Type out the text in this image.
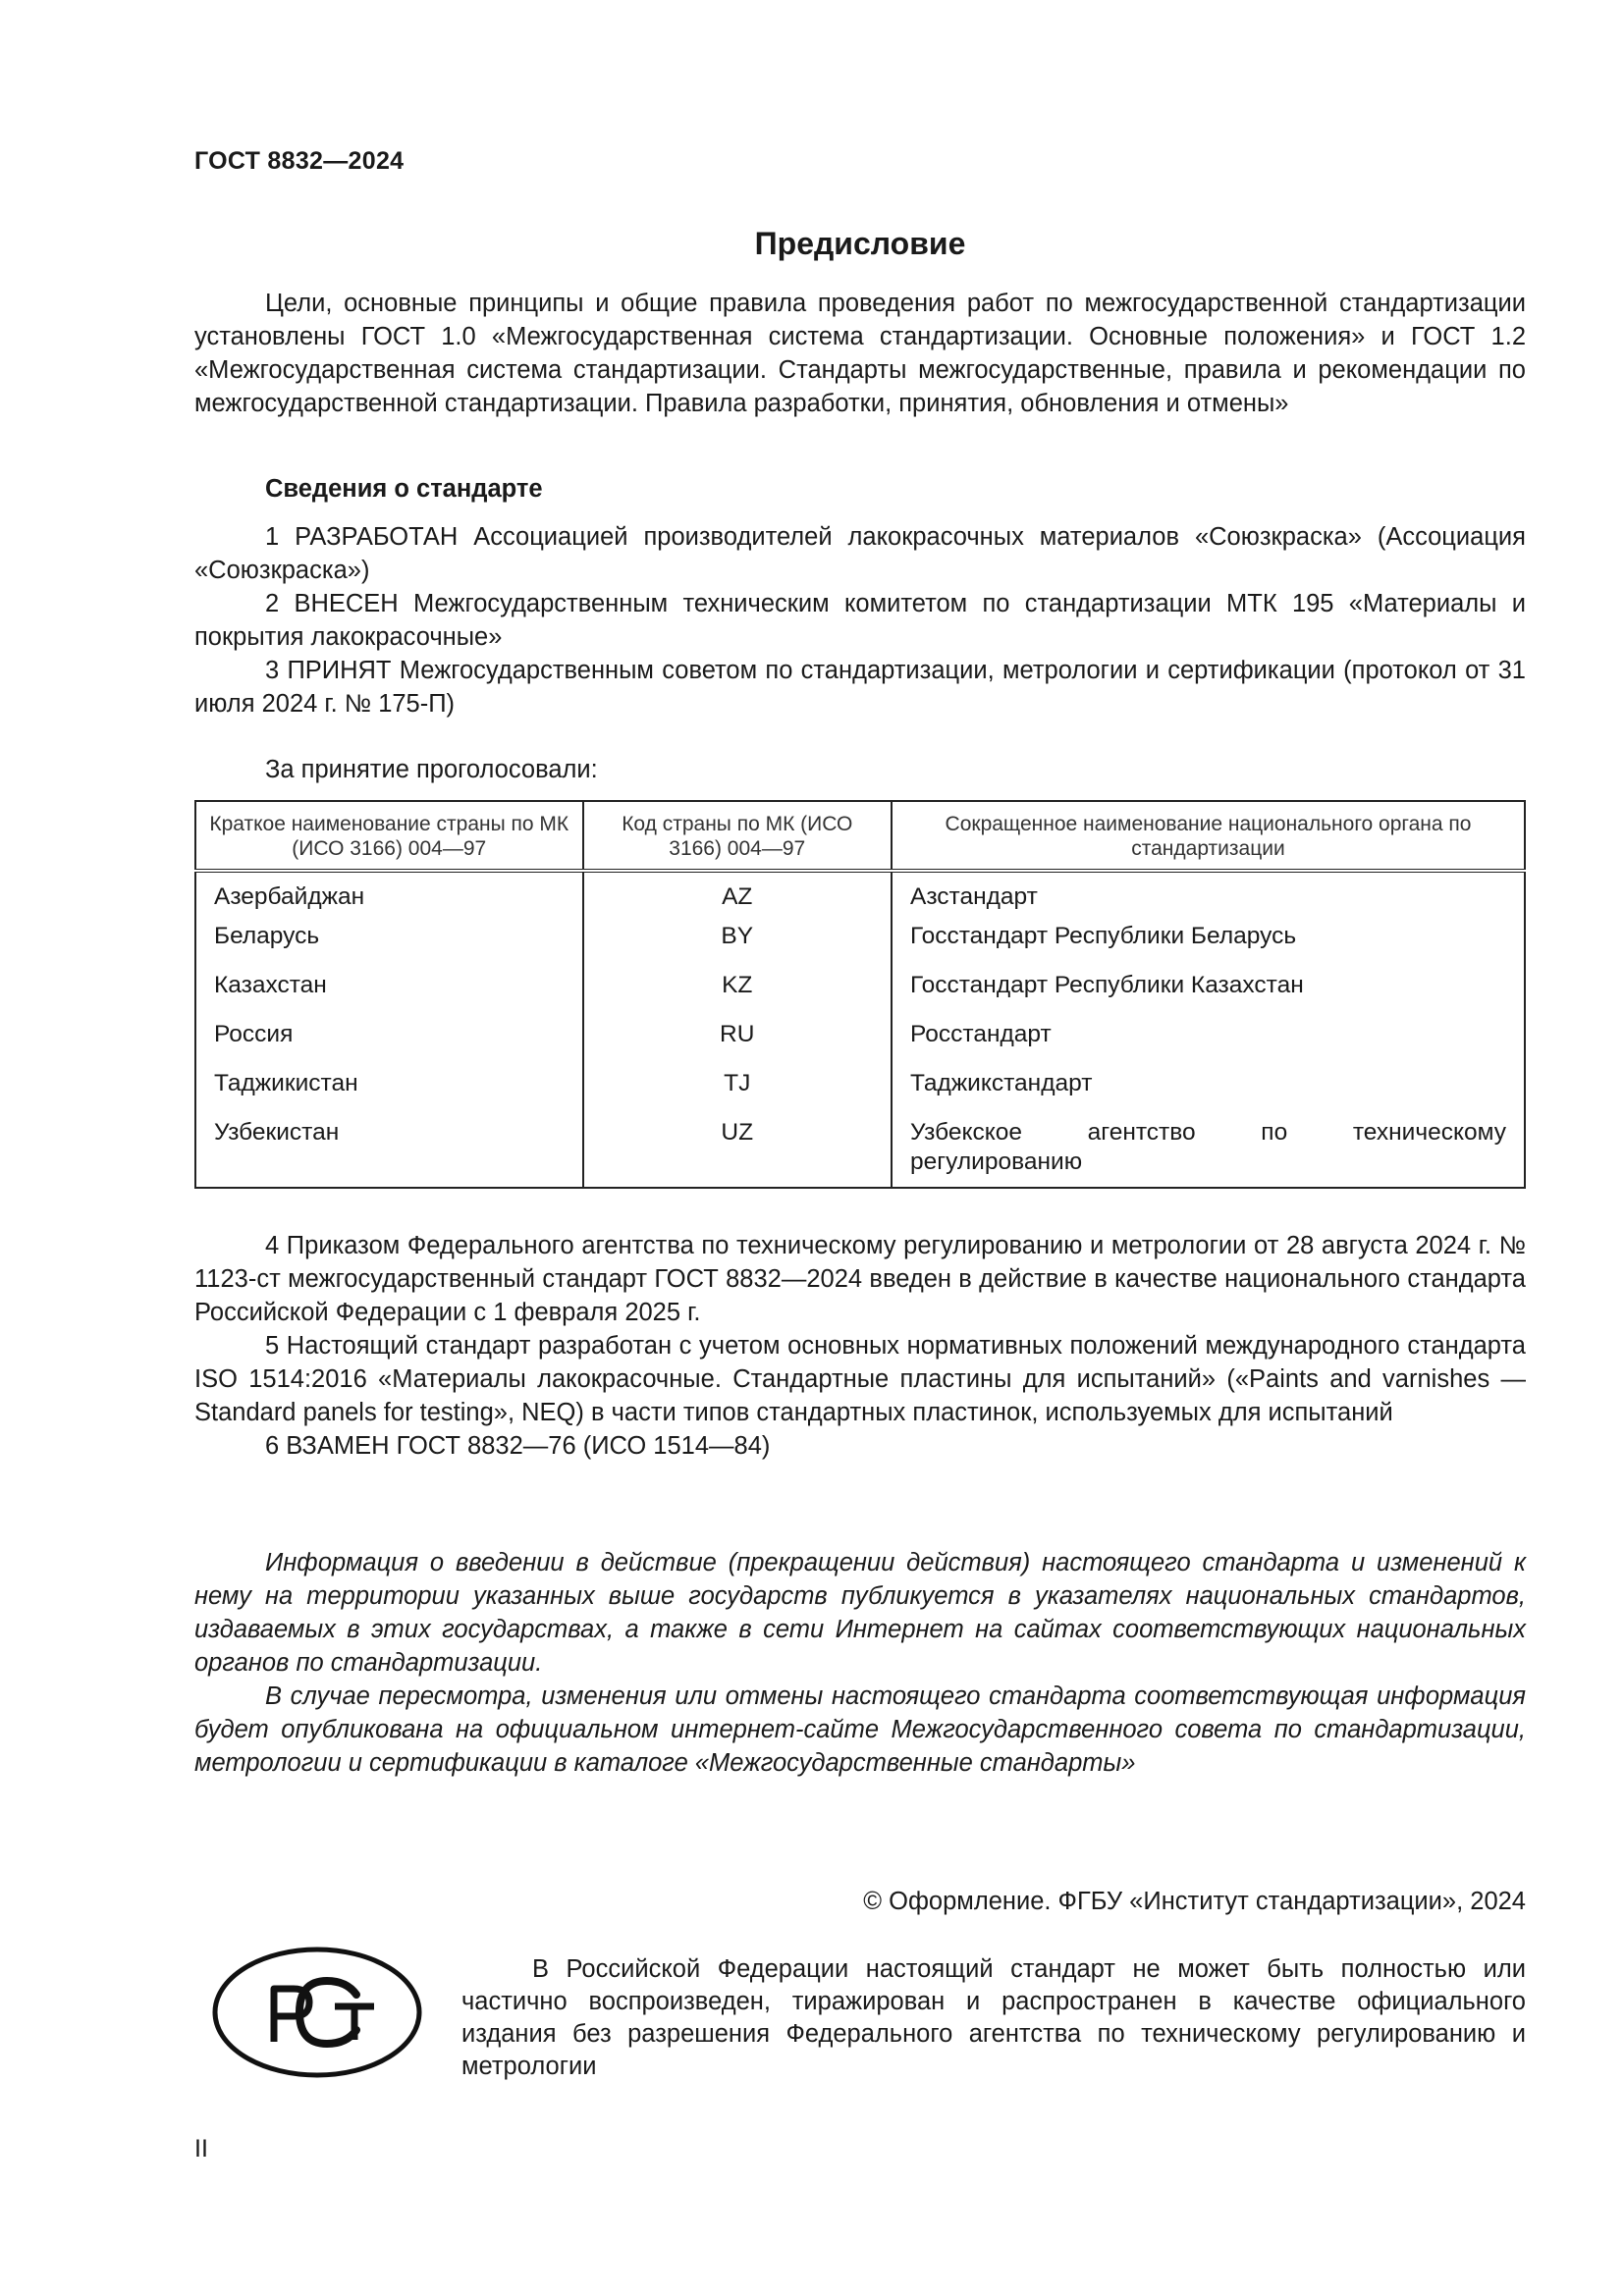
ГОСТ 8832—2024
Предисловие

Цели, основные принципы и общие правила проведения работ по межгосударственной стандартизации установлены ГОСТ 1.0 «Межгосударственная система стандартизации. Основные положения» и ГОСТ 1.2 «Межгосударственная система стандартизации. Стандарты межгосударственные, правила и рекомендации по межгосударственной стандартизации. Правила разработки, принятия, обновления и отмены»

Сведения о стандарте

1 РАЗРАБОТАН Ассоциацией производителей лакокрасочных материалов «Союзкраска» (Ассоциация «Союзкраска»)

2 ВНЕСЕН Межгосударственным техническим комитетом по стандартизации МТК 195 «Материалы и покрытия лакокрасочные»

3 ПРИНЯТ Межгосударственным советом по стандартизации, метрологии и сертификации (протокол от 31 июля 2024 г. № 175-П)

За принятие проголосовали:
Краткое наименование страны по МК (ИСО 3166) 004—97	Код страны по МК (ИСО 3166) 004—97	Сокращенное наименование национального органа по стандартизации
Азербайджан	AZ	Азстандарт
Беларусь	BY	Госстандарт Республики Беларусь
Казахстан	KZ	Госстандарт Республики Казахстан
Россия	RU	Росстандарт
Таджикистан	TJ	Таджикстандарт
Узбекистан	UZ	Узбекское агентство по техническому регулированию

4 Приказом Федерального агентства по техническому регулированию и метрологии от 28 августа 2024 г. № 1123-ст межгосударственный стандарт ГОСТ 8832—2024 введен в действие в качестве национального стандарта Российской Федерации с 1 февраля 2025 г.

5 Настоящий стандарт разработан с учетом основных нормативных положений международного стандарта ISO 1514:2016 «Материалы лакокрасочные. Стандартные пластины для испытаний» («Paints and varnishes — Standard panels for testing», NEQ) в части типов стандартных пластинок, используемых для испытаний

6 ВЗАМЕН ГОСТ 8832—76 (ИСО 1514—84)

Информация о введении в действие (прекращении действия) настоящего стандарта и изменений к нему на территории указанных выше государств публикуется в указателях национальных стандартов, издаваемых в этих государствах, а также в сети Интернет на сайтах соответствующих национальных органов по стандартизации.

В случае пересмотра, изменения или отмены настоящего стандарта соответствующая информация будет опубликована на официальном интернет-сайте Межгосударственного совета по стандартизации, метрологии и сертификации в каталоге «Межгосударственные стандарты»

© Оформление. ФГБУ «Институт стандартизации», 2024
В Российской Федерации настоящий стандарт не может быть полностью или частично воспроизведен, тиражирован и распространен в качестве официального издания без разрешения Федерального агентства по техническому регулированию и метрологии
II
